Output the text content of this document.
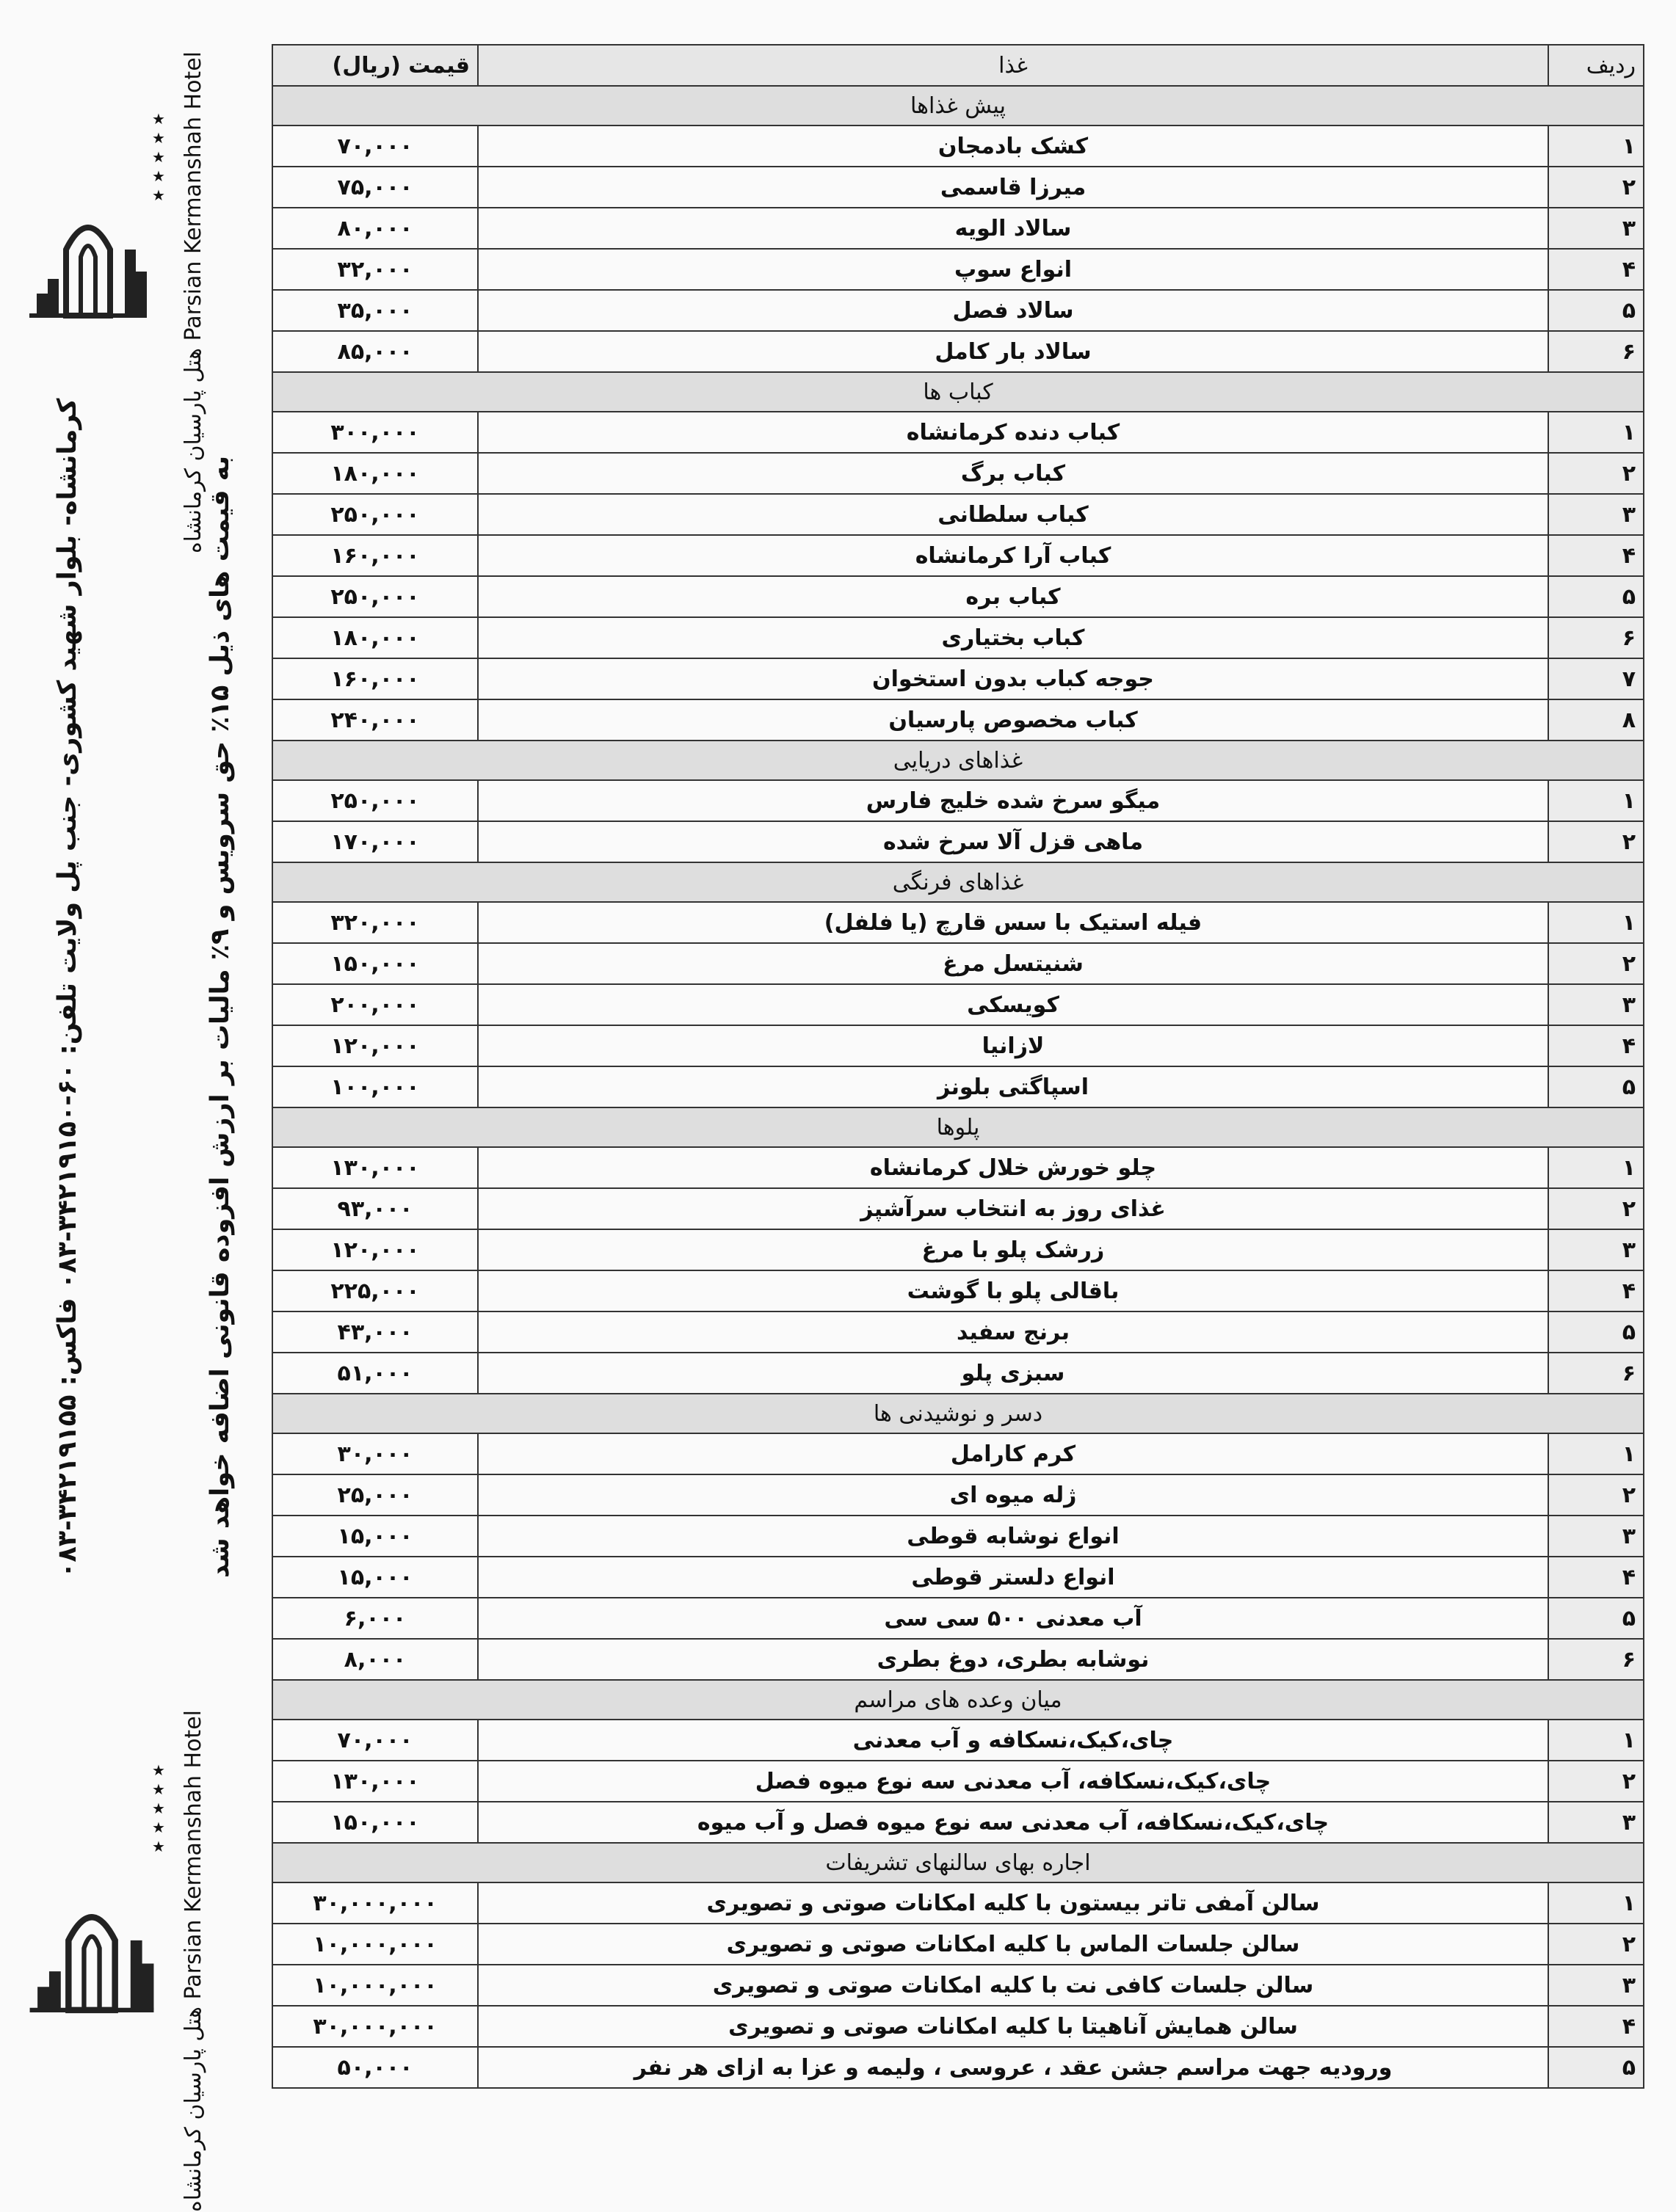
هتل پارسیان کرمانشاه Parsian Kermanshah Hotel
★★★★★
کرمانشاه- بلوار شهید کشوری- جنب پل ولایت تلفن: ۶۰-۳۴۲۱۹۱۵۰-۰۸۳ فاکس: ۳۴۲۱۹۱۵۵-۰۸۳
به قیمت های ذیل ۱۵٪ حق سرویس و ۹٪ مالیات بر ارزش افزوده قانونی اضافه خواهد شد
هتل پارسیان کرمانشاه Parsian Kermanshah Hotel
★★★★★
ردیف	غذا	قیمت (ریال)
پیش غذاها		
۱	کشک بادمجان	۷۰,۰۰۰
۲	میرزا قاسمی	۷۵,۰۰۰
۳	سالاد الویه	۸۰,۰۰۰
۴	انواع سوپ	۳۲,۰۰۰
۵	سالاد فصل	۳۵,۰۰۰
۶	سالاد بار کامل	۸۵,۰۰۰
کباب ها		
۱	کباب دنده کرمانشاه	۳۰۰,۰۰۰
۲	کباب برگ	۱۸۰,۰۰۰
۳	کباب سلطانی	۲۵۰,۰۰۰
۴	کباب آرا کرمانشاه	۱۶۰,۰۰۰
۵	کباب بره	۲۵۰,۰۰۰
۶	کباب بختیاری	۱۸۰,۰۰۰
۷	جوجه کباب بدون استخوان	۱۶۰,۰۰۰
۸	کباب مخصوص پارسیان	۲۴۰,۰۰۰
غذاهای دریایی		
۱	میگو سرخ شده خلیج فارس	۲۵۰,۰۰۰
۲	ماهی قزل آلا سرخ شده	۱۷۰,۰۰۰
غذاهای فرنگی		
۱	فیله استیک با سس قارچ (یا فلفل)	۳۲۰,۰۰۰
۲	شنیتسل مرغ	۱۵۰,۰۰۰
۳	کویسکی	۲۰۰,۰۰۰
۴	لازانیا	۱۲۰,۰۰۰
۵	اسپاگتی بلونز	۱۰۰,۰۰۰
پلوها		
۱	چلو خورش خلال کرمانشاه	۱۳۰,۰۰۰
۲	غذای روز به انتخاب سرآشپز	۹۳,۰۰۰
۳	زرشک پلو با مرغ	۱۲۰,۰۰۰
۴	باقالی پلو با گوشت	۲۲۵,۰۰۰
۵	برنج سفید	۴۳,۰۰۰
۶	سبزی پلو	۵۱,۰۰۰
دسر و نوشیدنی ها		
۱	کرم کارامل	۳۰,۰۰۰
۲	ژله میوه ای	۲۵,۰۰۰
۳	انواع نوشابه قوطی	۱۵,۰۰۰
۴	انواع دلستر قوطی	۱۵,۰۰۰
۵	آب معدنی ۵۰۰ سی سی	۶,۰۰۰
۶	نوشابه بطری، دوغ بطری	۸,۰۰۰
میان وعده های مراسم		
۱	چای،کیک،نسکافه و آب معدنی	۷۰,۰۰۰
۲	چای،کیک،نسکافه، آب معدنی سه نوع میوه فصل	۱۳۰,۰۰۰
۳	چای،کیک،نسکافه، آب معدنی سه نوع میوه فصل و آب میوه	۱۵۰,۰۰۰
اجاره بهای سالنهای تشریفات		
۱	سالن آمفی تاتر بیستون با کلیه امکانات صوتی و تصویری	۳۰,۰۰۰,۰۰۰
۲	سالن جلسات الماس با کلیه امکانات صوتی و تصویری	۱۰,۰۰۰,۰۰۰
۳	سالن جلسات کافی نت با کلیه امکانات صوتی و تصویری	۱۰,۰۰۰,۰۰۰
۴	سالن همایش آناهیتا با کلیه امکانات صوتی و تصویری	۳۰,۰۰۰,۰۰۰
۵	ورودیه جهت مراسم جشن عقد ، عروسی ، ولیمه و عزا به ازای هر نفر	۵۰,۰۰۰
